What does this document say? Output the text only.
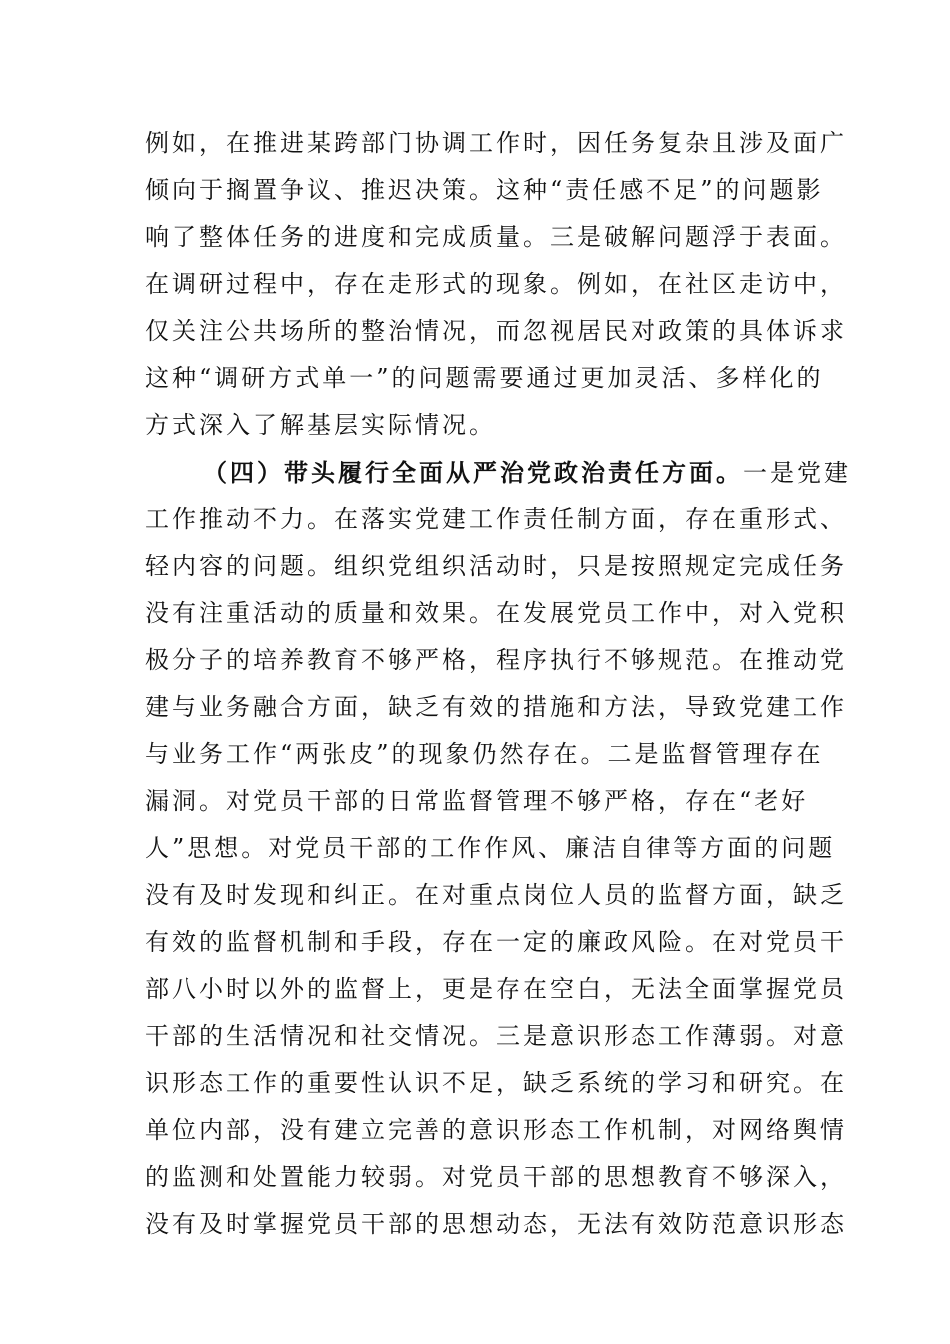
例如，在推进某跨部门协调工作时，因任务复杂且涉及面广
倾向于搁置争议、推迟决策。这种“责任感不足”的问题影
响了整体任务的进度和完成质量。三是破解问题浮于表面。
在调研过程中，存在走形式的现象。例如，在社区走访中，
仅关注公共场所的整治情况，而忽视居民对政策的具体诉求
这种“调研方式单一”的问题需要通过更加灵活、多样化的
方式深入了解基层实际情况。
（四）带头履行全面从严治党政治责任方面。一是党建
工作推动不力。在落实党建工作责任制方面，存在重形式、
轻内容的问题。组织党组织活动时，只是按照规定完成任务
没有注重活动的质量和效果。在发展党员工作中，对入党积
极分子的培养教育不够严格，程序执行不够规范。在推动党
建与业务融合方面，缺乏有效的措施和方法，导致党建工作
与业务工作“两张皮”的现象仍然存在。二是监督管理存在
漏洞。对党员干部的日常监督管理不够严格，存在“老好
人”思想。对党员干部的工作作风、廉洁自律等方面的问题
没有及时发现和纠正。在对重点岗位人员的监督方面，缺乏
有效的监督机制和手段，存在一定的廉政风险。在对党员干
部八小时以外的监督上，更是存在空白，无法全面掌握党员
干部的生活情况和社交情况。三是意识形态工作薄弱。对意
识形态工作的重要性认识不足，缺乏系统的学习和研究。在
单位内部，没有建立完善的意识形态工作机制，对网络舆情
的监测和处置能力较弱。对党员干部的思想教育不够深入，
没有及时掌握党员干部的思想动态，无法有效防范意识形态
